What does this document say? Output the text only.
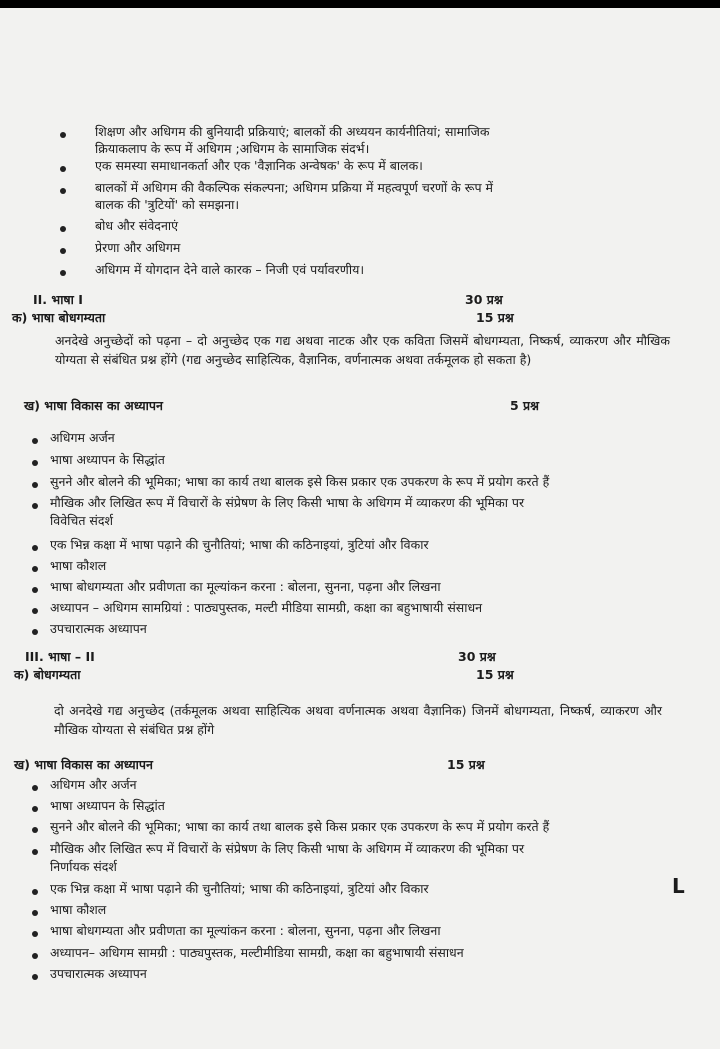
शिक्षण और अधिगम की बुनियादी प्रक्रियाएं; बालकों की अध्ययन कार्यनीतियां; सामाजिक
क्रियाकलाप के रूप में अधिगम ;अधिगम के सामाजिक संदर्भ।
एक समस्या समाधानकर्ता और एक 'वैज्ञानिक अन्वेषक' के रूप में बालक।
बालकों में अधिगम की वैकल्पिक संकल्पना; अधिगम प्रक्रिया में महत्वपूर्ण चरणों के रूप में
बालक की 'त्रुटियों' को समझना।
बोध और संवेदनाएं
प्रेरणा और अधिगम
अधिगम में योगदान देने वाले कारक – निजी एवं पर्यावरणीय।
II. भाषा I	30 प्रश्न
क) भाषा बोधगम्यता	15 प्रश्न
अनदेखे अनुच्छेदों को पढ़ना – दो अनुच्छेद एक गद्य अथवा नाटक और एक कविता जिसमें बोधगम्यता, निष्कर्ष, व्याकरण और मौखिक योग्यता से संबंधित प्रश्न होंगे (गद्य अनुच्छेद साहित्यिक, वैज्ञानिक, वर्णनात्मक अथवा तर्कमूलक हो सकता है)
ख) भाषा विकास का अध्यापन	5 प्रश्न
अधिगम अर्जन
भाषा अध्यापन के सिद्धांत
सुनने और बोलने की भूमिका; भाषा का कार्य तथा बालक इसे किस प्रकार एक उपकरण के रूप में प्रयोग करते हैं
मौखिक और लिखित रूप में विचारों के संप्रेषण के लिए किसी भाषा के अधिगम में व्याकरण की भूमिका पर
विवेचित संदर्श
एक भिन्न कक्षा में भाषा पढ़ाने की चुनौतियां; भाषा की कठिनाइयां, त्रुटियां और विकार
भाषा कौशल
भाषा बोधगम्यता और प्रवीणता का मूल्यांकन करना : बोलना, सुनना, पढ़ना और लिखना
अध्यापन – अधिगम सामग्रियां : पाठ्यपुस्तक, मल्टी मीडिया सामग्री, कक्षा का बहुभाषायी संसाधन
उपचारात्मक अध्यापन
III. भाषा – II	30 प्रश्न
क) बोधगम्यता	15 प्रश्न
दो अनदेखे गद्य अनुच्छेद (तर्कमूलक अथवा साहित्यिक अथवा वर्णनात्मक अथवा वैज्ञानिक) जिनमें बोधगम्यता, निष्कर्ष, व्याकरण और मौखिक योग्यता से संबंधित प्रश्न होंगे
ख) भाषा विकास का अध्यापन	15 प्रश्न
अधिगम और अर्जन
भाषा अध्यापन के सिद्धांत
सुनने और बोलने की भूमिका; भाषा का कार्य तथा बालक इसे किस प्रकार एक उपकरण के रूप में प्रयोग करते हैं
मौखिक और लिखित रूप में विचारों के संप्रेषण के लिए किसी भाषा के अधिगम में व्याकरण की भूमिका पर
निर्णायक संदर्श
एक भिन्न कक्षा में भाषा पढ़ाने की चुनौतियां; भाषा की कठिनाइयां, त्रुटियां और विकार
भाषा कौशल
भाषा बोधगम्यता और प्रवीणता का मूल्यांकन करना : बोलना, सुनना, पढ़ना और लिखना
अध्यापन– अधिगम सामग्री : पाठ्यपुस्तक, मल्टीमीडिया सामग्री, कक्षा का बहुभाषायी संसाधन
उपचारात्मक अध्यापन
L
